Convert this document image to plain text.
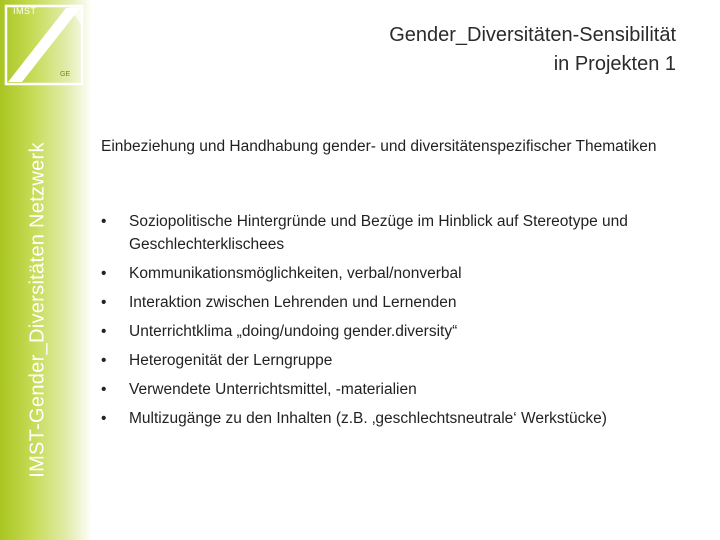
IMST
GE
IMST-Gender_Diversitäten Netzwerk
Gender_Diversitäten-Sensibilität
in Projekten 1
Einbeziehung und Handhabung gender- und diversitätenspezifischer Thematiken
• Soziopolitische Hintergründe und Bezüge im Hinblick auf Stereotype und Geschlechterklischees
• Kommunikationsmöglichkeiten, verbal/nonverbal
• Interaktion zwischen Lehrenden und Lernenden
• Unterrichtklima „doing/undoing gender.diversity“
• Heterogenität der Lerngruppe
• Verwendete Unterrichtsmittel, -materialien
• Multizugänge zu den Inhalten (z.B. ‚geschlechtsneutrale‘ Werkstücke)
